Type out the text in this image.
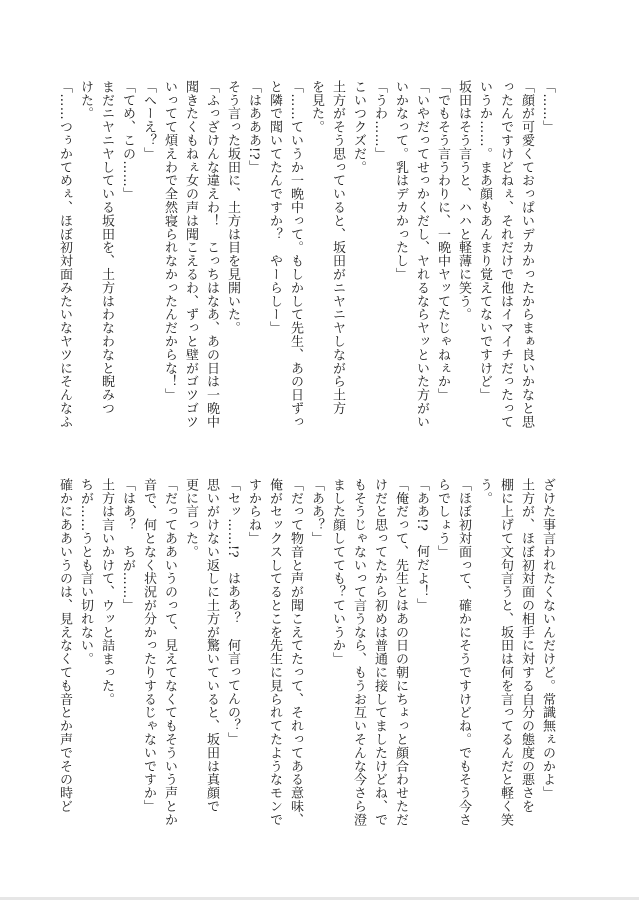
「……」
「顔が可愛くておっぱいデカかったからまぁ良いかなと思
ったんですけどねぇ、それだけで他はイマイチだったって
いうか……。まあ顔もあんまり覚えてないですけど」
坂田はそう言うと、ハハと軽薄に笑う。
「でもそう言うわりに、一晩中ヤッてたじゃねぇか」
「いやだってせっかくだし、ヤれるならヤッといた方がい
いかなって。乳はデカかったし」
「うわ……」
こいつクズだ。
土方がそう思っていると、坂田がニヤニヤしながら土方
を見た。
「……ていうか一晩中って。もしかして先生、あの日ずっ
と隣で聞いてたんですか？　やーらしー」
「はあああ!?」
そう言った坂田に、土方は目を見開いた。
「ふっざけんな違えわ！　こっちはなあ、あの日は一晩中
聞きたくもねぇ女の声は聞こえるわ、ずっと壁がゴツゴツ
いってて煩えわで全然寝られなかったんだからな！」
「へーえ？」
「てめ、この……」
まだニヤニヤしている坂田を、土方はわなわなと睨みつ
けた。
「……つぅかてめぇ、ほぼ初対面みたいなヤツにそんなふ
ざけた事言われたくないんだけど。常識無ぇのかよ」
土方が、ほぼ初対面の相手に対する自分の態度の悪さを
棚に上げて文句言うと、坂田は何を言ってるんだと軽く笑
う。
「ほぼ初対面って、確かにそうですけどね。でもそう今さ
らでしょう」
「ああ!?　何だよ！」
「俺だって、先生とはあの日の朝にちょっと顔合わせただ
けだと思ってたから初めは普通に接してましたけどね、で
もそうじゃないって言うなら、もうお互いそんな今さら澄
ました顔してても？ていうか」
「ああ？」
「だって物音と声が聞こえてたって、それってある意味、
俺がセックスしてるとこを先生に見られてたようなモンで
すからね」
「セッ……!?　はああ？　何言ってんの？」
思いがけない返しに土方が驚いていると、坂田は真顔で
更に言った。
「だってああいうのって、見えてなくてもそういう声とか
音で、何となく状況が分かったりするじゃないですか」
「はあ？　ちが……」
土方は言いかけて、ウッと詰まった。
ちが……うとも言い切れない。
確かにああいうのは、見えなくても音とか声でその時ど
